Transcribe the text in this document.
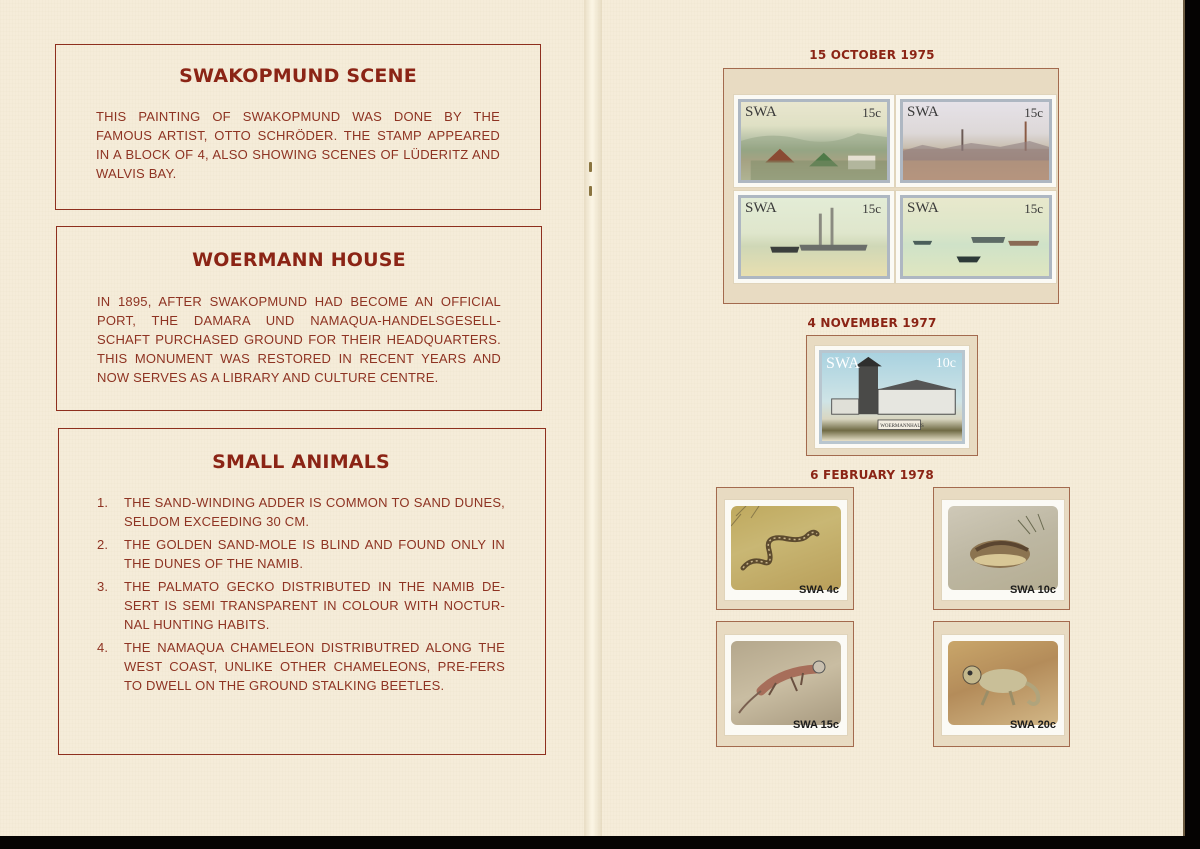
SWAKOPMUND SCENE

THIS PAINTING OF SWAKOPMUND WAS DONE BY THE FAMOUS ARTIST, OTTO SCHRÖDER. THE STAMP APPEARED IN A BLOCK OF 4, ALSO SHOWING SCENES OF LÜDERITZ AND WALVIS BAY.

WOERMANN HOUSE

IN 1895, AFTER SWAKOPMUND HAD BECOME AN OFFICIAL PORT, THE DAMARA UND NAMAQUA-HANDELSGESELL-SCHAFT PURCHASED GROUND FOR THEIR HEADQUARTERS. THIS MONUMENT WAS RESTORED IN RECENT YEARS AND NOW SERVES AS A LIBRARY AND CULTURE CENTRE.

SMALL ANIMALS
1.	THE SAND-WINDING ADDER IS COMMON TO SAND DUNES, SELDOM EXCEEDING 30 CM.
2.	THE GOLDEN SAND-MOLE IS BLIND AND FOUND ONLY IN THE DUNES OF THE NAMIB.
3.	THE PALMATO GECKO DISTRIBUTED IN THE NAMIB DE-SERT IS SEMI TRANSPARENT IN COLOUR WITH NOCTUR-NAL HUNTING HABITS.
4.	THE NAMAQUA CHAMELEON DISTRIBUTRED ALONG THE WEST COAST, UNLIKE OTHER CHAMELEONS, PRE-FERS TO DWELL ON THE GROUND STALKING BEETLES.
15 OCTOBER 1975
SWA	15c SWA	15c
SWA	15c SWA	15c
4 NOVEMBER 1977
SWA	10c
WOERMANNHAUS
6 FEBRUARY 1978
SWA 4c	SWA 10c
SWA 15c	SWA 20c
